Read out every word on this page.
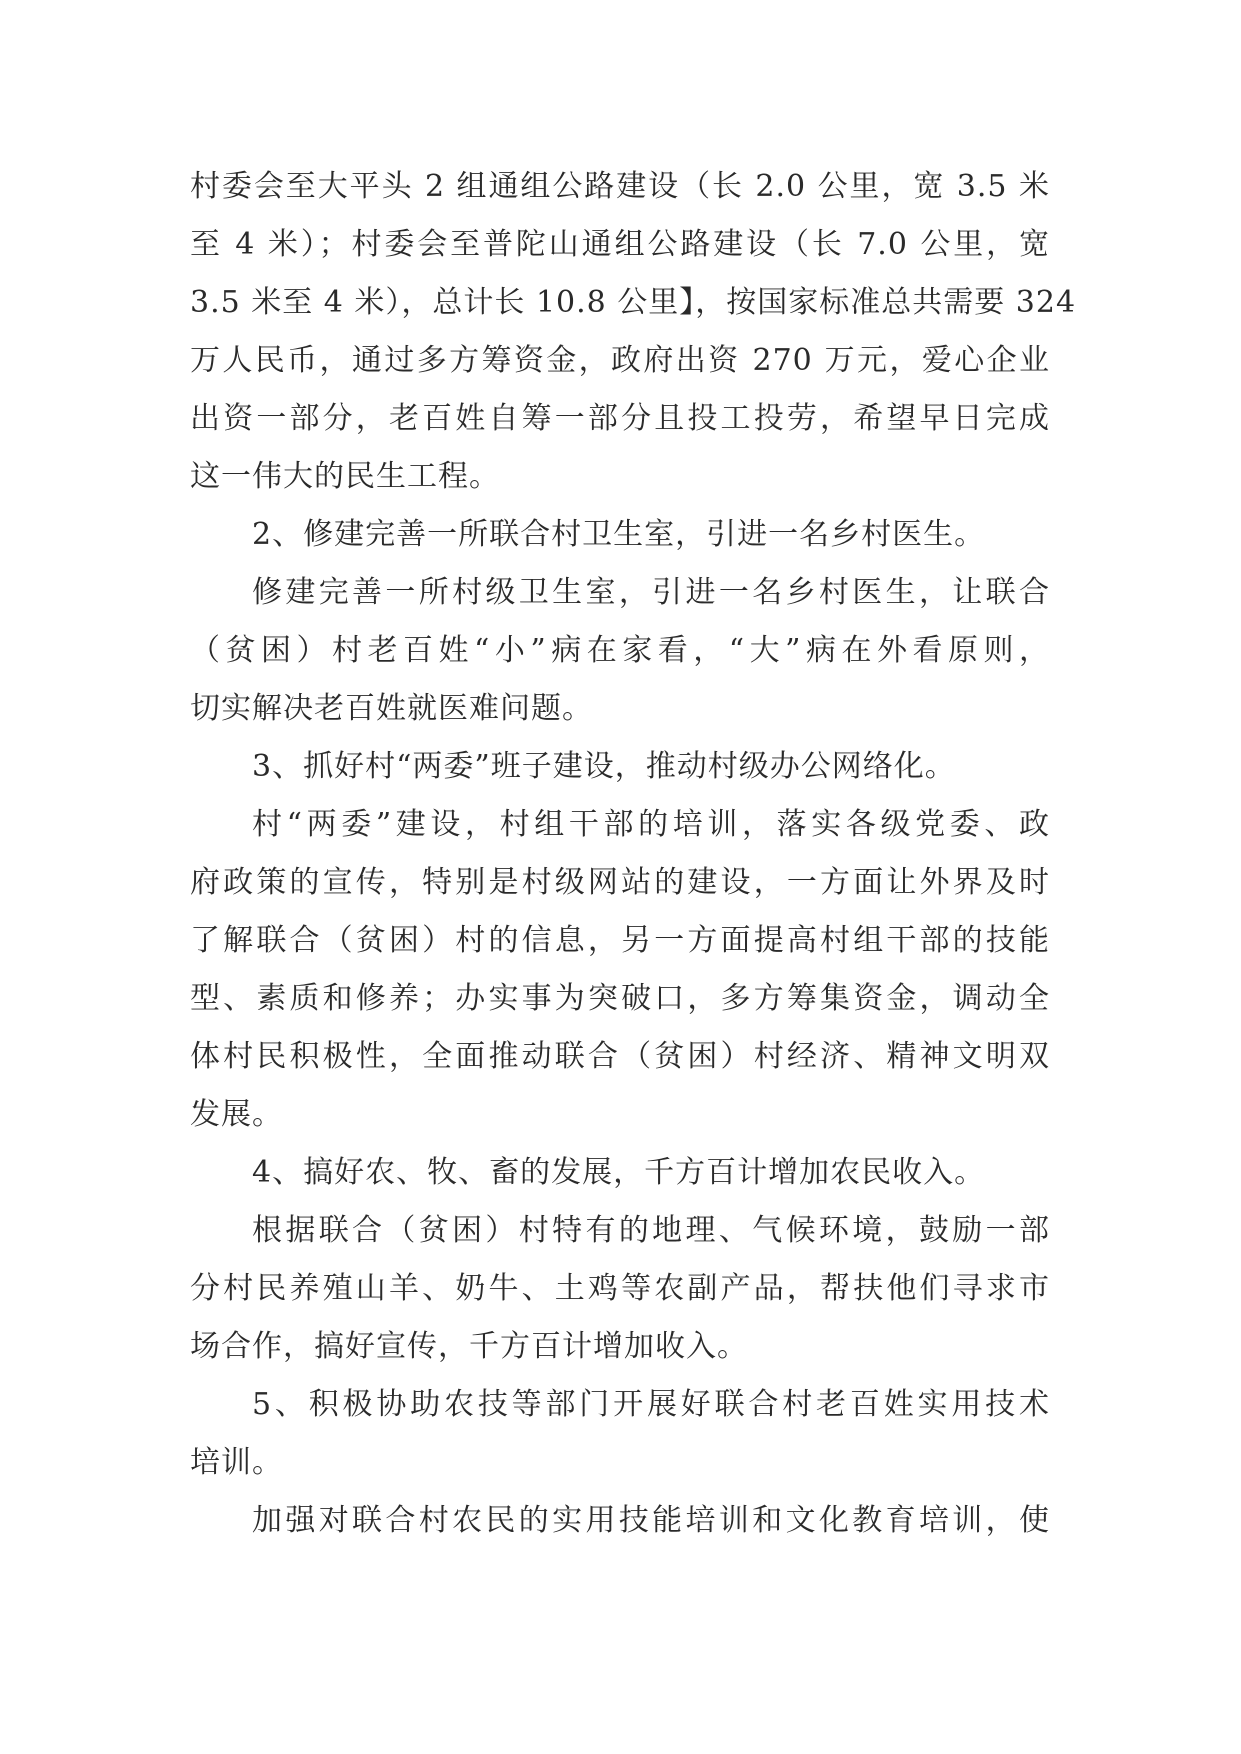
村委会至大平头 2 组通组公路建设（长 2.0 公里，宽 3.5 米
至 4 米）；村委会至普陀山通组公路建设（长 7.0 公里，宽
3.5 米至 4 米），总计长 10.8 公里】，按国家标准总共需要 324
万人民币，通过多方筹资金，政府出资 270 万元，爱心企业
出资一部分，老百姓自筹一部分且投工投劳，希望早日完成
这一伟大的民生工程。
2、修建完善一所联合村卫生室，引进一名乡村医生。
修建完善一所村级卫生室，引进一名乡村医生，让联合
（贫困）村老百姓“小”病在家看，“大”病在外看原则，
切实解决老百姓就医难问题。
3、抓好村“两委”班子建设，推动村级办公网络化。
村“两委”建设，村组干部的培训，落实各级党委、政
府政策的宣传，特别是村级网站的建设，一方面让外界及时
了解联合（贫困）村的信息，另一方面提高村组干部的技能
型、素质和修养；办实事为突破口，多方筹集资金，调动全
体村民积极性，全面推动联合（贫困）村经济、精神文明双
发展。
4、搞好农、牧、畜的发展，千方百计增加农民收入。
根据联合（贫困）村特有的地理、气候环境，鼓励一部
分村民养殖山羊、奶牛、土鸡等农副产品，帮扶他们寻求市
场合作，搞好宣传，千方百计增加收入。
5、积极协助农技等部门开展好联合村老百姓实用技术
培训。
加强对联合村农民的实用技能培训和文化教育培训，使
